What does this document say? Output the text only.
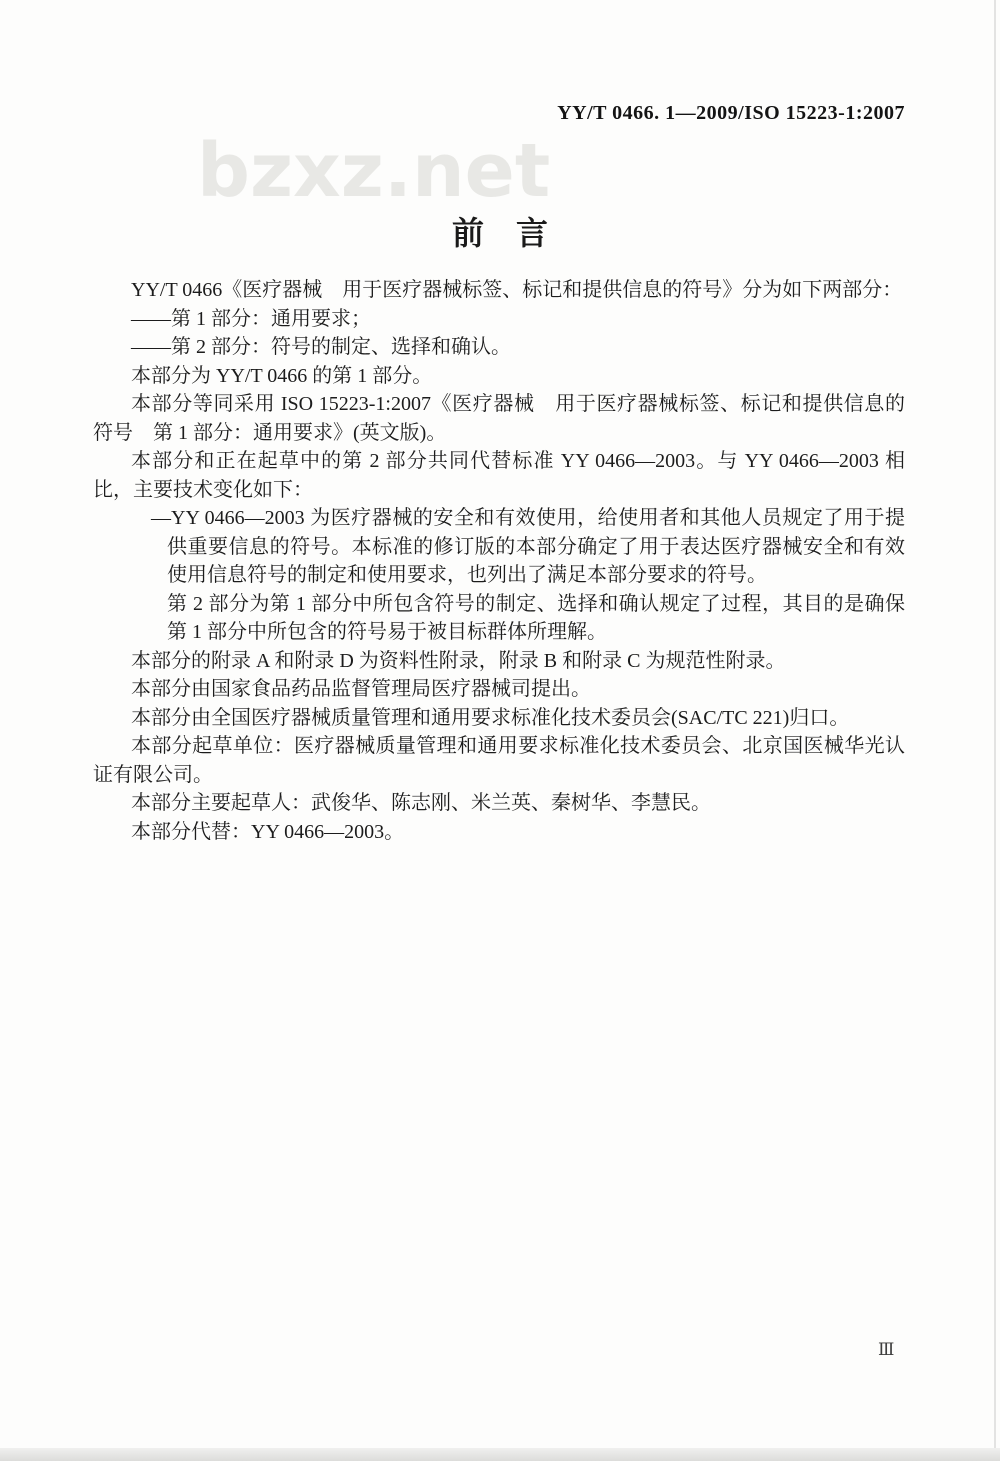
bzxz.net
YY/T 0466. 1—2009/ISO 15223-1:2007
前　言

YY/T 0466《医疗器械　用于医疗器械标签、标记和提供信息的符号》分为如下两部分：

——第 1 部分：通用要求；

——第 2 部分：符号的制定、选择和确认。

本部分为 YY/T 0466 的第 1 部分。

本部分等同采用 ISO 15223-1:2007《医疗器械　用于医疗器械标签、标记和提供信息的符号　第 1 部分：通用要求》(英文版)。

本部分和正在起草中的第 2 部分共同代替标准 YY 0466—2003。与 YY 0466—2003 相比，主要技术变化如下：

—YY 0466—2003 为医疗器械的安全和有效使用，给使用者和其他人员规定了用于提供重要信息的符号。本标准的修订版的本部分确定了用于表达医疗器械安全和有效使用信息符号的制定和使用要求，也列出了满足本部分要求的符号。

第 2 部分为第 1 部分中所包含符号的制定、选择和确认规定了过程，其目的是确保第 1 部分中所包含的符号易于被目标群体所理解。

本部分的附录 A 和附录 D 为资料性附录，附录 B 和附录 C 为规范性附录。

本部分由国家食品药品监督管理局医疗器械司提出。

本部分由全国医疗器械质量管理和通用要求标准化技术委员会(SAC/TC 221)归口。

本部分起草单位：医疗器械质量管理和通用要求标准化技术委员会、北京国医械华光认证有限公司。

本部分主要起草人：武俊华、陈志刚、米兰英、秦树华、李慧民。

本部分代替：YY 0466—2003。

Ⅲ
